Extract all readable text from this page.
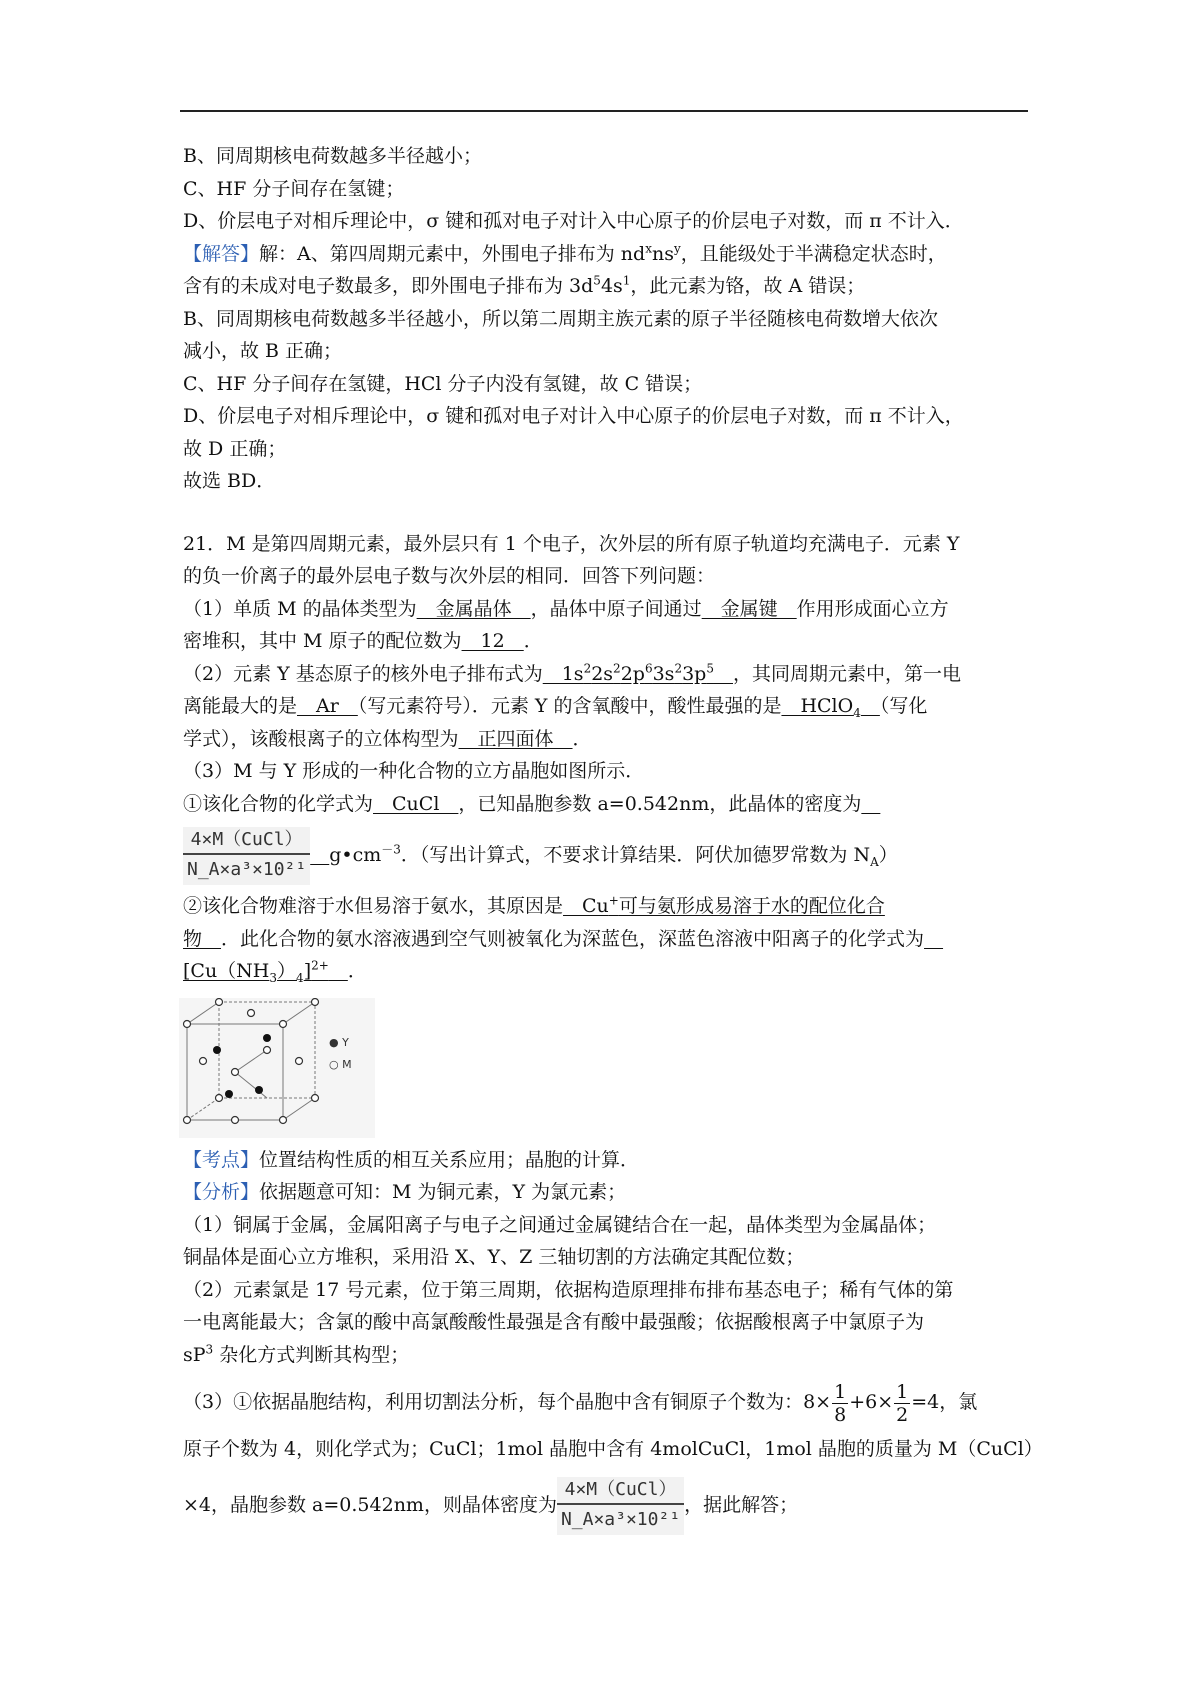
B、同周期核电荷数越多半径越小；
C、HF 分子间存在氢键；
D、价层电子对相斥理论中，σ 键和孤对电子对计入中心原子的价层电子对数，而 π 不计入．
【解答】解：A、第四周期元素中，外围电子排布为 $nd^xns^y$，且能级处于半满稳定状态时，
含有的未成对电子数最多，即外围电子排布为 $3d^54s^1$，此元素为铬，故 A 错误；
B、同周期核电荷数越多半径越小，所以第二周期主族元素的原子半径随核电荷数增大依次
减小，故 B 正确；
C、HF 分子间存在氢键，HCl 分子内没有氢键，故 C 错误；
D、价层电子对相斥理论中，σ 键和孤对电子对计入中心原子的价层电子对数，而 π 不计入，
故 D 正确；
故选 BD．
21．M 是第四周期元素，最外层只有 1 个电子，次外层的所有原子轨道均充满电子．元素 Y
的负一价离子的最外层电子数与次外层的相同．回答下列问题：
（1）单质 M 的晶体类型为　金属晶体　，晶体中原子间通过　金属键　作用形成面心立方
密堆积，其中 M 原子的配位数为　12　．
（2）元素 Y 基态原子的核外电子排布式为　$1s^22s^22p^63s^23p^5$　 ，其同周期元素中，第一电
离能最大的是　Ar　（写元素符号）．元素 Y 的含氧酸中，酸性最强的是　HClO$_4$　 （写化
学式），该酸根离子的立体构型为　正四面体　．
（3）M 与 Y 形成的一种化合物的立方晶胞如图所示．
①该化合物的化学式为　CuCl　，已知晶胞参数 a=0.542nm，此晶体的密度为　
$\frac{\text{4×M（CuCl）}}{\text{N\_A×a³×10²¹}}$
　 $g•cm^{-3}$．（写出计算式，不要求计算结果．阿伏加德罗常数为 $N_A$）
②该化合物难溶于水但易溶于氨水，其原因是　Cu+可与氨形成易溶于水的配位化合
物　．此化合物的氨水溶液遇到空气则被氧化为深蓝色，深蓝色溶液中阳离子的化学式为　
$[Cu(NH_3)_4]^{2+}$　 ．
● Y
○ M
【考点】位置结构性质的相互关系应用；晶胞的计算．
【分析】依据题意可知：M 为铜元素，Y 为氯元素；
（1）铜属于金属，金属阳离子与电子之间通过金属键结合在一起，晶体类型为金属晶体；
铜晶体是面心立方堆积，采用沿 X、Y、Z 三轴切割的方法确定其配位数；
（2）元素氯是 17 号元素，位于第三周期，依据构造原理排布排布基态电子；稀有气体的第
一电离能最大；含氯的酸中高氯酸酸性最强是含有酸中最强酸；依据酸根离子中氯原子为
$sP^3$ 杂化方式判断其构型；
（3）①依据晶胞结构，利用切割法分析，每个晶胞中含有铜原子个数为：$8\times \frac{1}{8} +6\times \frac{1}{2} =4$，氯
原子个数为 4，则化学式为；CuCl；1mol 晶胞中含有 4molCuCl，1mol 晶胞的质量为 M（CuCl）
×4，晶胞参数 a=0.542nm，则晶体密度为 $\frac{\text{4×M（CuCl）}}{\text{N\_A×a³×10²¹}}$ ，据此解答；
